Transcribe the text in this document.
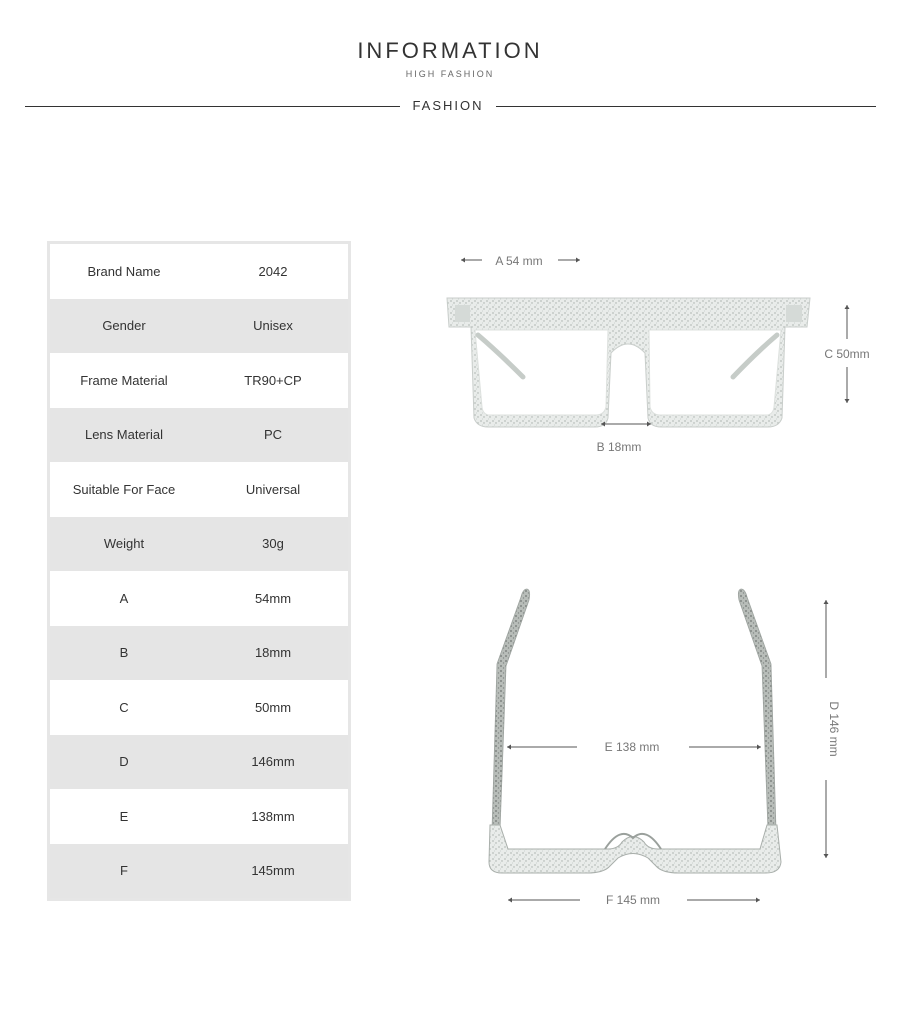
INFORMATION
HIGH FASHION
FASHION
Brand Name	2042
Gender	Unisex
Frame Material	TR90+CP
Lens Material	PC
Suitable For Face	Universal
Weight	30g
A	54mm
B	18mm
C	50mm
D	146mm
E	138mm
F	145mm
A 54 mm
B 18mm
C 50mm
D 146 mm
E 138 mm
F 145 mm
